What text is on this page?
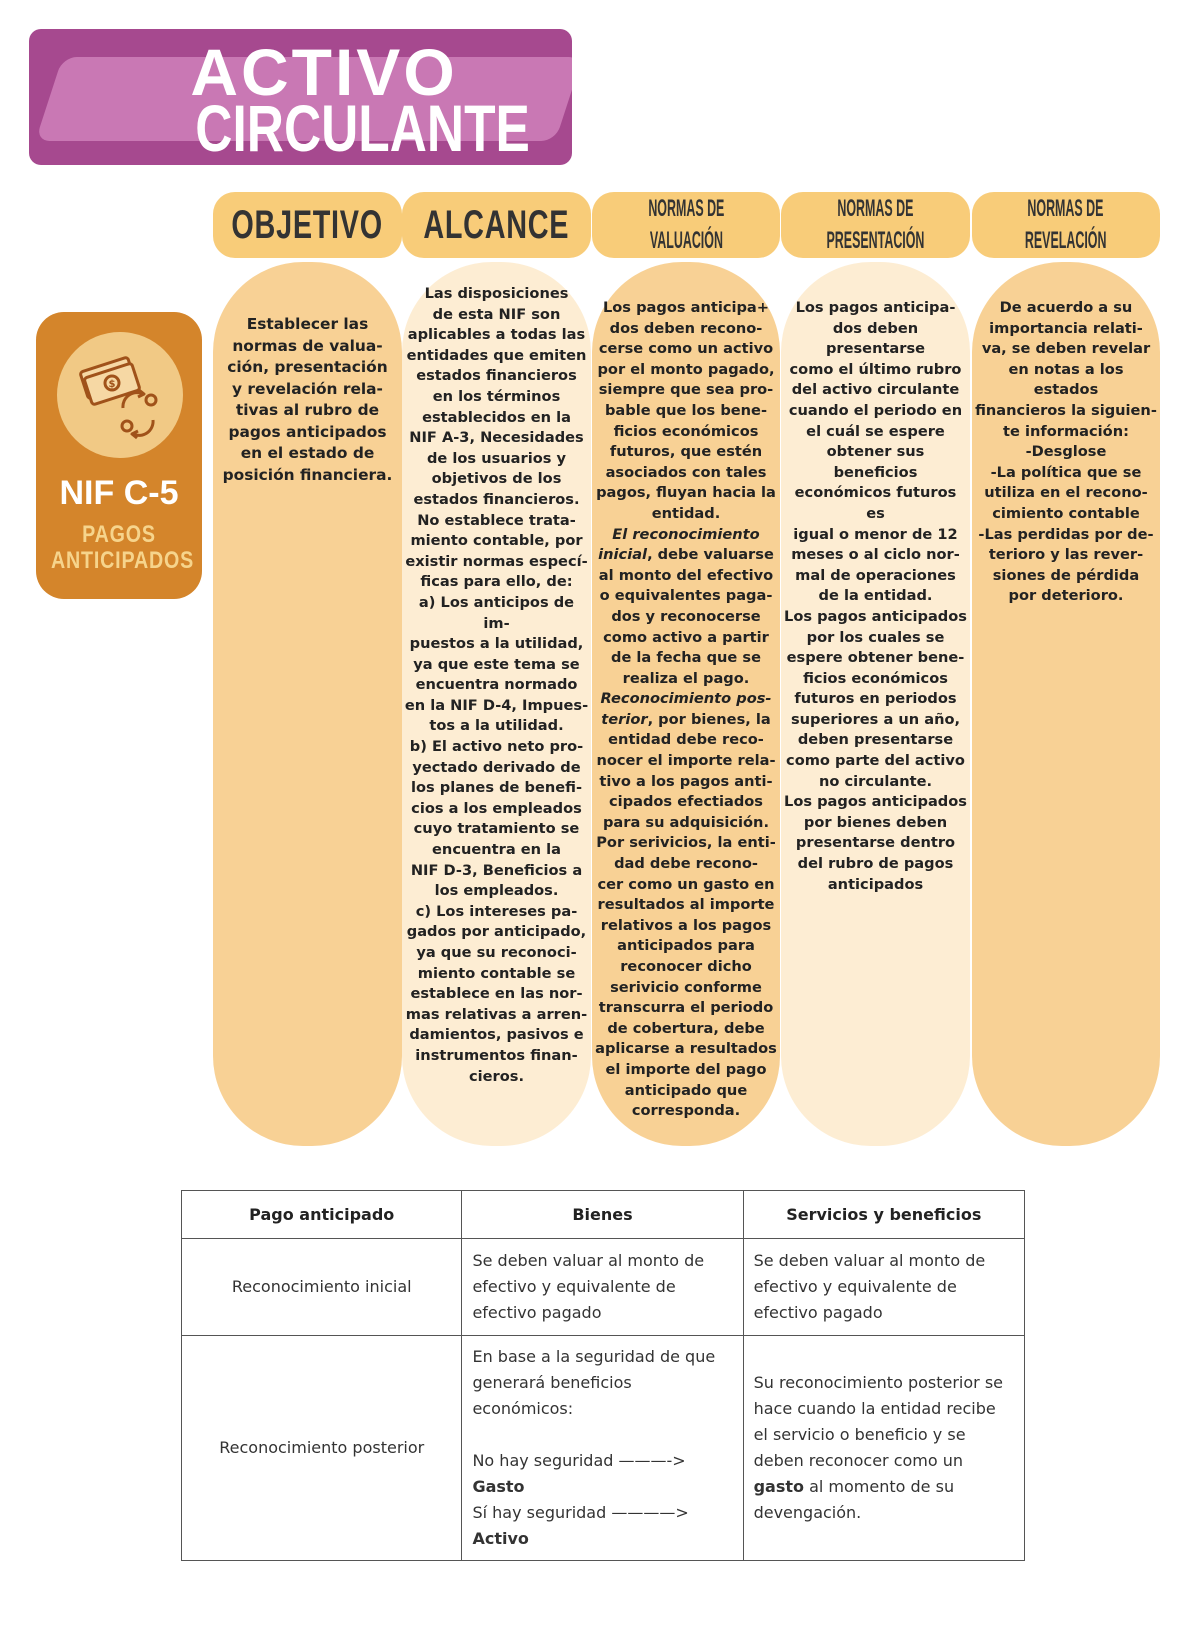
ACTIVO
CIRCULANTE
$
NIF C-5
PAGOS
ANTICIPADOS
OBJETIVO ALCANCE	NORMAS DE
VALUACIÓN
NORMAS DE
PRESENTACIÓN
NORMAS DE
REVELACIÓN
Establecer las
normas de valua-
ción, presentación
y revelación rela-
tivas al rubro de
pagos anticipados
en el estado de
posición financiera.
Las disposiciones
de esta NIF son
aplicables a todas las
entidades que emiten
estados financieros
en los términos
establecidos en la
NIF A-3, Necesidades
de los usuarios y
objetivos de los
estados financieros.
No establece trata-
miento contable, por
existir normas especí-
ficas para ello, de:
a) Los anticipos de im-
puestos a la utilidad,
ya que este tema se
encuentra normado
en la NIF D-4, Impues-
tos a la utilidad.
b) El activo neto pro-
yectado derivado de
los planes de benefi-
cios a los empleados
cuyo tratamiento se
encuentra en la
NIF D-3, Beneficios a
los empleados.
c) Los intereses pa-
gados por anticipado,
ya que su reconoci-
miento contable se
establece en las nor-
mas relativas a arren-
damientos, pasivos e
instrumentos finan-
cieros.
Los pagos anticipa+
dos deben recono-
cerse como un activo
por el monto pagado,
siempre que sea pro-
bable que los bene-
ficios económicos
futuros, que estén
asociados con tales
pagos, fluyan hacia la
entidad.
El reconocimiento
inicial, debe valuarse
al monto del efectivo
o equivalentes paga-
dos y reconocerse
como activo a partir
de la fecha que se
realiza el pago.
Reconocimiento pos-
terior, por bienes, la
entidad debe reco-
nocer el importe rela-
tivo a los pagos anti-
cipados efectiados
para su adquisición.
Por serivicios, la enti-
dad debe recono-
cer como un gasto en
resultados al importe
relativos a los pagos
anticipados para
reconocer dicho
serivicio conforme
transcurra el periodo
de cobertura, debe
aplicarse a resultados
el importe del pago
anticipado que
corresponda.
Los pagos anticipa-
dos deben presentarse
como el último rubro
del activo circulante
cuando el periodo en
el cuál se espere
obtener sus beneficios
económicos futuros es
igual o menor de 12
meses o al ciclo nor-
mal de operaciones
de la entidad.
Los pagos anticipados
por los cuales se
espere obtener bene-
ficios económicos
futuros en periodos
superiores a un año,
deben presentarse
como parte del activo
no circulante.
Los pagos anticipados
por bienes deben
presentarse dentro
del rubro de pagos
anticipados
De acuerdo a su
importancia relati-
va, se deben revelar
en notas a los estados
financieros la siguien-
te información:
-Desglose
-La política que se
utiliza en el recono-
cimiento contable
-Las perdidas por de-
terioro y las rever-
siones de pérdida
por deterioro.
Pago anticipado	Bienes	Servicios y beneficios
Reconocimiento inicial	Se deben valuar al monto de efectivo y equivalente de efectivo pagado	Se deben valuar al monto de efectivo y equivalente de efectivo pagado
Reconocimiento posterior	En base a la seguridad de que generará beneficios económicos:

No hay seguridad ———->
Gasto
Sí hay seguridad ————> Activo	Su reconocimiento posterior se hace cuando la entidad recibe el servicio o beneficio y se deben reconocer como un gasto al momento de su devengación.
